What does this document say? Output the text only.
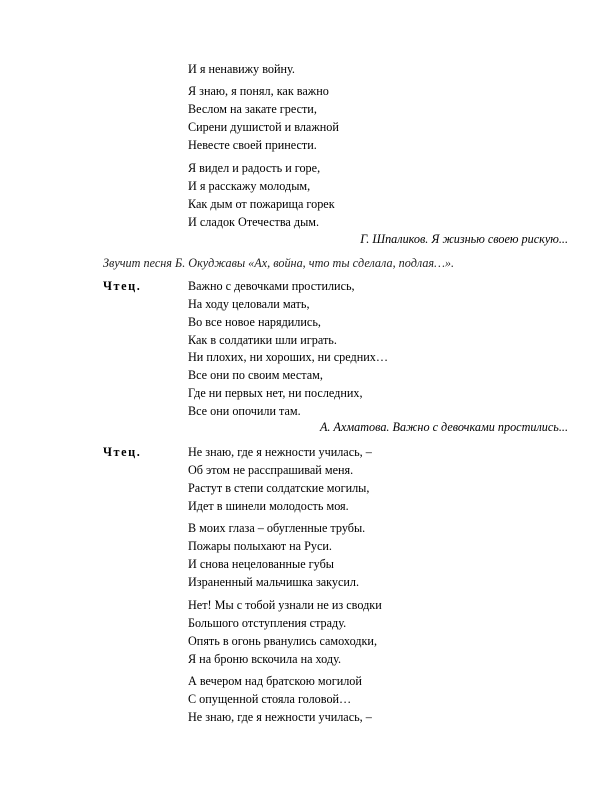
И я ненавижу войну.
Я знаю, я понял, как важно
Веслом на закате грести,
Сирени душистой и влажной
Невесте своей принести.
Я видел и радость и горе,
И я расскажу молодым,
Как дым от пожарища горек
И сладок Отечества дым.
Г. Шпаликов. Я жизнью своею рискую...
Звучит песня Б. Окуджавы «Ах, война, что ты сделала, подлая…».
Чтец.	Важно с девочками простились,
На ходу целовали мать,
Во все новое нарядились,
Как в солдатики шли играть.
Ни плохих, ни хороших, ни средних…
Все они по своим местам,
Где ни первых нет, ни последних,
Все они опочили там.
А. Ахматова. Важно с девочками простились...
Чтец.	Не знаю, где я нежности училась, –
Об этом не расспрашивай меня.
Растут в степи солдатские могилы,
Идет в шинели молодость моя.
В моих глаза – обугленные трубы.
Пожары полыхают на Руси.
И снова нецелованные губы
Израненный мальчишка закусил.
Нет! Мы с тобой узнали не из сводки
Большого отступления страду.
Опять в огонь рванулись самоходки,
Я на броню вскочила на ходу.
А вечером над братскою могилой
С опущенной стояла головой…
Не знаю, где я нежности училась, –
